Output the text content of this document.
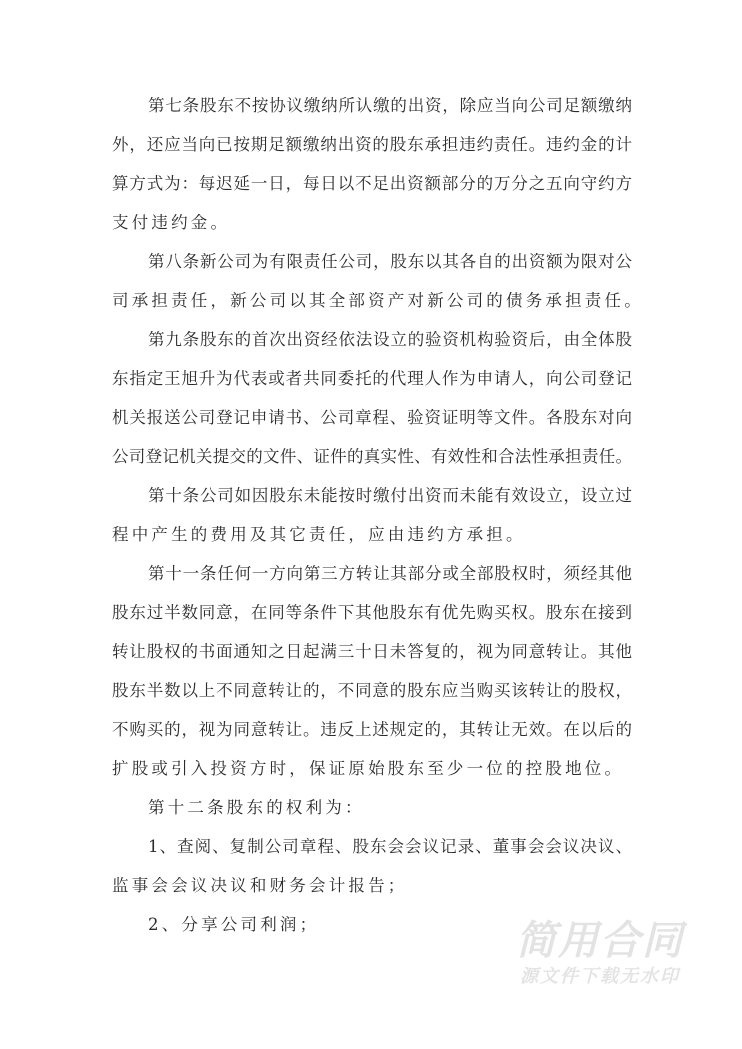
第七条股东不按协议缴纳所认缴的出资，除应当向公司足额缴纳
外，还应当向已按期足额缴纳出资的股东承担违约责任。违约金的计
算方式为：每迟延一日，每日以不足出资额部分的万分之五向守约方
支付违约金。
第八条新公司为有限责任公司，股东以其各自的出资额为限对公
司承担责任，新公司以其全部资产对新公司的债务承担责任。
第九条股东的首次出资经依法设立的验资机构验资后，由全体股
东指定王旭升为代表或者共同委托的代理人作为申请人，向公司登记
机关报送公司登记申请书、公司章程、验资证明等文件。各股东对向
公司登记机关提交的文件、证件的真实性、有效性和合法性承担责任。
第十条公司如因股东未能按时缴付出资而未能有效设立，设立过
程中产生的费用及其它责任，应由违约方承担。
第十一条任何一方向第三方转让其部分或全部股权时，须经其他
股东过半数同意，在同等条件下其他股东有优先购买权。股东在接到
转让股权的书面通知之日起满三十日未答复的，视为同意转让。其他
股东半数以上不同意转让的，不同意的股东应当购买该转让的股权，
不购买的，视为同意转让。违反上述规定的，其转让无效。在以后的
扩股或引入投资方时，保证原始股东至少一位的控股地位。
第十二条股东的权利为：
1、查阅、复制公司章程、股东会会议记录、董事会会议决议、
监事会会议决议和财务会计报告；
2、分享公司利润；	简用合同
源文件下载无水印
